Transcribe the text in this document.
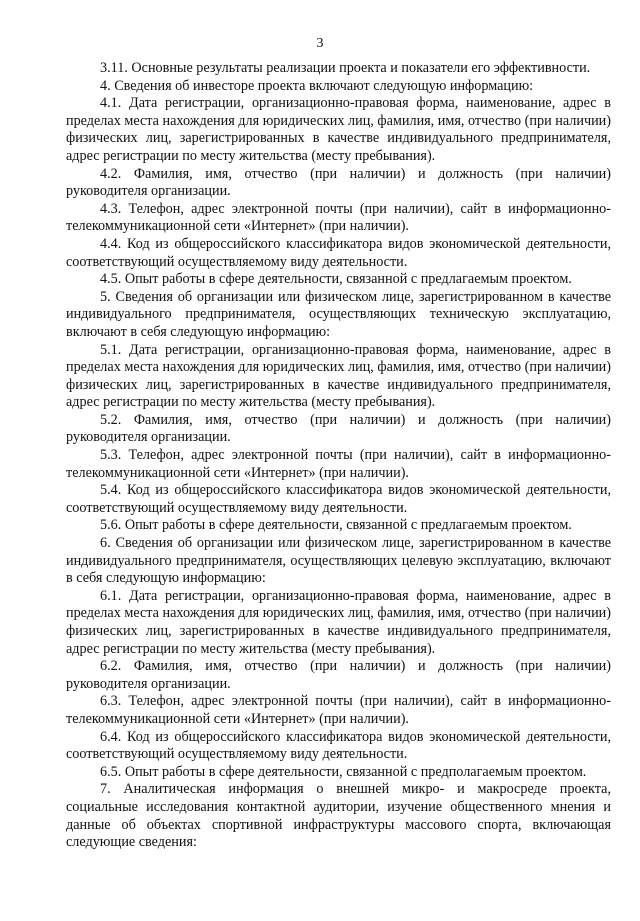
3

3.11. Основные результаты реализации проекта и показатели его эффективности.

4. Сведения об инвесторе проекта включают следующую информацию:

4.1. Дата регистрации, организационно-правовая форма, наименование, адрес в пределах места нахождения для юридических лиц, фамилия, имя, отчество (при наличии) физических лиц, зарегистрированных в качестве индивидуального предпринимателя, адрес регистрации по месту жительства (месту пребывания).

4.2. Фамилия, имя, отчество (при наличии) и должность (при наличии) руководителя организации.

4.3. Телефон, адрес электронной почты (при наличии), сайт в информационно-телекоммуникационной сети «Интернет» (при наличии).

4.4. Код из общероссийского классификатора видов экономической деятельности, соответствующий осуществляемому виду деятельности.

4.5. Опыт работы в сфере деятельности, связанной с предлагаемым проектом.

5. Сведения об организации или физическом лице, зарегистрированном в качестве индивидуального предпринимателя, осуществляющих техническую эксплуатацию, включают в себя следующую информацию:

5.1. Дата регистрации, организационно-правовая форма, наименование, адрес в пределах места нахождения для юридических лиц, фамилия, имя, отчество (при наличии) физических лиц, зарегистрированных в качестве индивидуального предпринимателя, адрес регистрации по месту жительства (месту пребывания).

5.2. Фамилия, имя, отчество (при наличии) и должность (при наличии) руководителя организации.

5.3. Телефон, адрес электронной почты (при наличии), сайт в информационно-телекоммуникационной сети «Интернет» (при наличии).

5.4. Код из общероссийского классификатора видов экономической деятельности, соответствующий осуществляемому виду деятельности.

5.6. Опыт работы в сфере деятельности, связанной с предлагаемым проектом.

6. Сведения об организации или физическом лице, зарегистрированном в качестве индивидуального предпринимателя, осуществляющих целевую эксплуатацию, включают в себя следующую информацию:

6.1. Дата регистрации, организационно-правовая форма, наименование, адрес в пределах места нахождения для юридических лиц, фамилия, имя, отчество (при наличии) физических лиц, зарегистрированных в качестве индивидуального предпринимателя, адрес регистрации по месту жительства (месту пребывания).

6.2. Фамилия, имя, отчество (при наличии) и должность (при наличии) руководителя организации.

6.3. Телефон, адрес электронной почты (при наличии), сайт в информационно-телекоммуникационной сети «Интернет» (при наличии).

6.4. Код из общероссийского классификатора видов экономической деятельности, соответствующий осуществляемому виду деятельности.

6.5. Опыт работы в сфере деятельности, связанной с предполагаемым проектом.

7. Аналитическая информация о внешней микро- и макросреде проекта, социальные исследования контактной аудитории, изучение общественного мнения и данные об объектах спортивной инфраструктуры массового спорта, включающая следующие сведения:
